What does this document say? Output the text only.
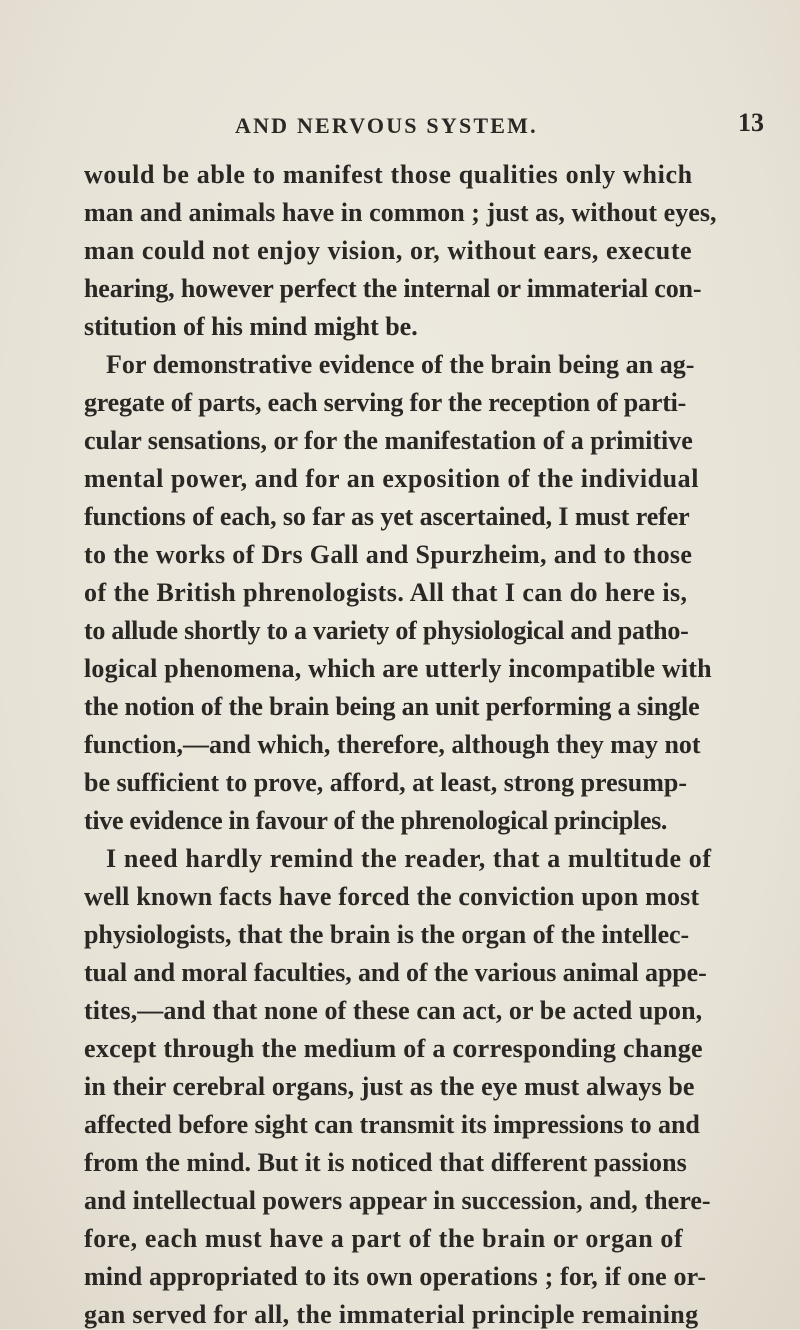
AND NERVOUS SYSTEM.	13
would be able to manifest those qualities only which
man and animals have in common ; just as, without eyes,
man could not enjoy vision, or, without ears, execute
hearing, however perfect the internal or immaterial con-
stitution of his mind might be.
For demonstrative evidence of the brain being an ag-
gregate of parts, each serving for the reception of parti-
cular sensations, or for the manifestation of a primitive
mental power, and for an exposition of the individual
functions of each, so far as yet ascertained, I must refer
to the works of Drs Gall and Spurzheim, and to those
of the British phrenologists. All that I can do here is,
to allude shortly to a variety of physiological and patho-
logical phenomena, which are utterly incompatible with
the notion of the brain being an unit performing a single
function,—and which, therefore, although they may not
be sufficient to prove, afford, at least, strong presump-
tive evidence in favour of the phrenological principles.
I need hardly remind the reader, that a multitude of
well known facts have forced the conviction upon most
physiologists, that the brain is the organ of the intellec-
tual and moral faculties, and of the various animal appe-
tites,—and that none of these can act, or be acted upon,
except through the medium of a corresponding change
in their cerebral organs, just as the eye must always be
affected before sight can transmit its impressions to and
from the mind. But it is noticed that different passions
and intellectual powers appear in succession, and, there-
fore, each must have a part of the brain or organ of
mind appropriated to its own operations ; for, if one or-
gan served for all, the immaterial principle remaining
